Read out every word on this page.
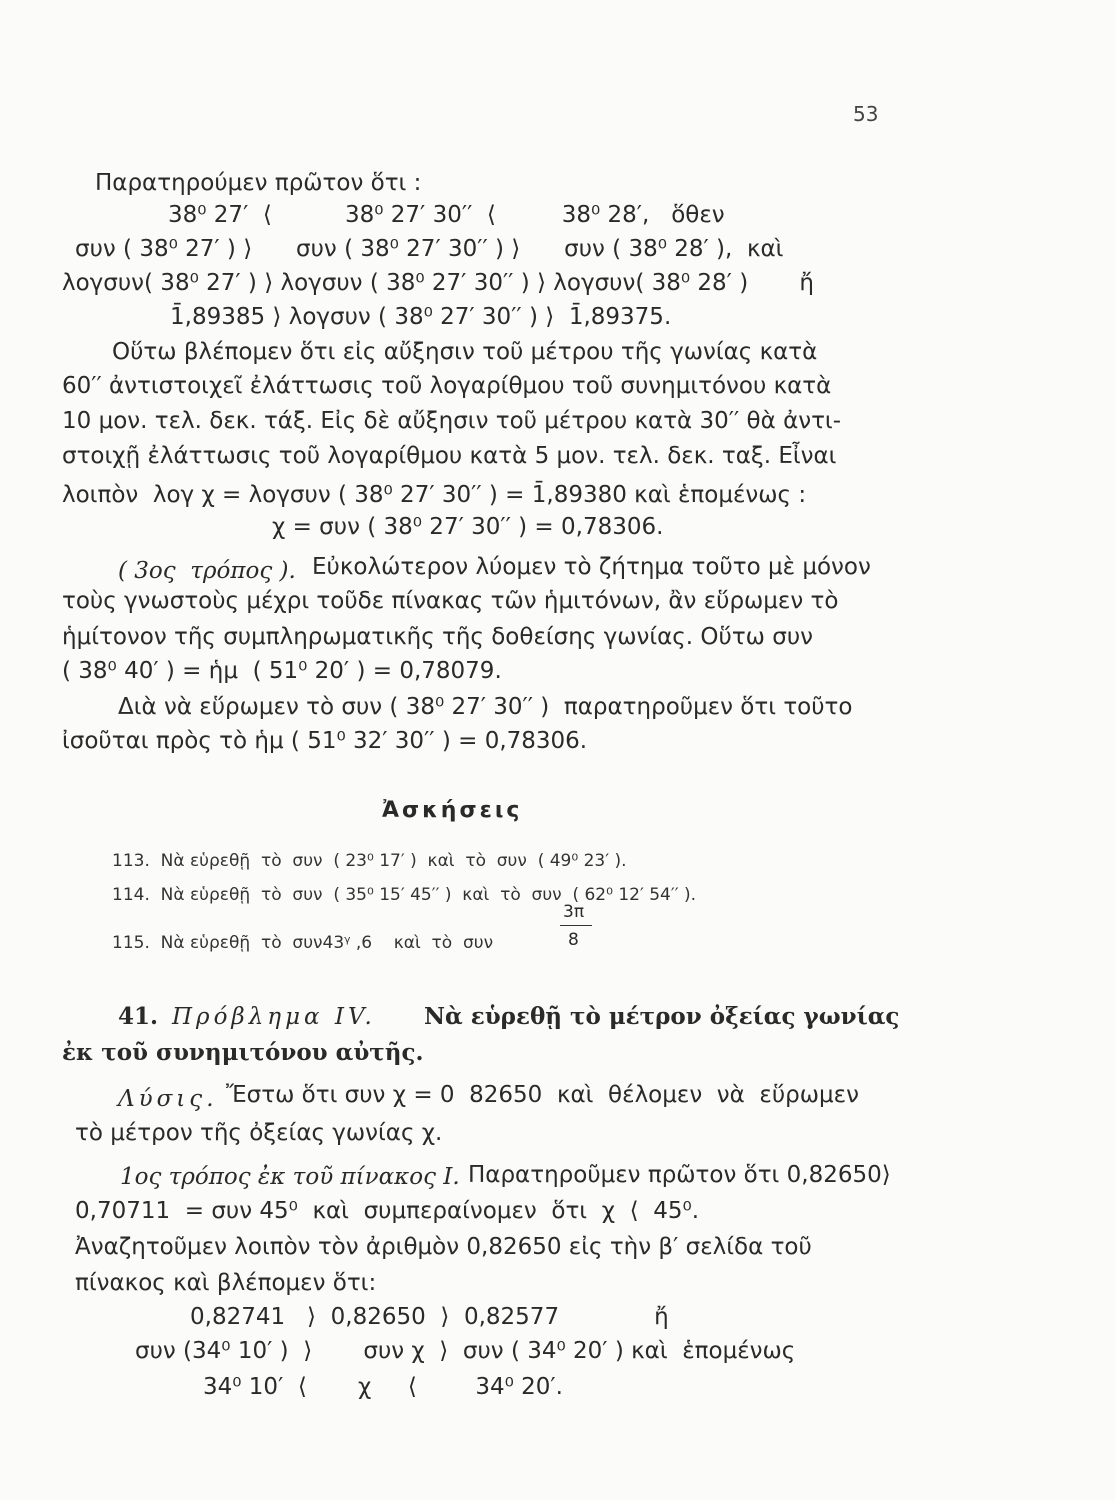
53
Παρατηρούμεν πρῶτον ὅτι :
38⁰ 27′  ⟨          38⁰ 27′ 30′′  ⟨         38⁰ 28′,   ὅθεν
συν ( 38⁰ 27′ ) ⟩      συν ( 38⁰ 27′ 30′′ ) ⟩      συν ( 38⁰ 28′ ),  καὶ
λογσυν( 38⁰ 27′ ) ⟩ λογσυν ( 38⁰ 27′ 30′′ ) ⟩ λογσυν( 38⁰ 28′ )       ἤ
1̄,89385 ⟩ λογσυν ( 38⁰ 27′ 30′′ ) ⟩  1̄,89375.
Οὕτω βλέπομεν ὅτι εἰς αὔξησιν τοῦ μέτρου τῆς γωνίας κατὰ
60′′ ἀντιστοιχεῖ ἐλάττωσις τοῦ λογαρίθμου τοῦ συνημιτόνου κατὰ
10 μον. τελ. δεκ. τάξ. Εἰς δὲ αὔξησιν τοῦ μέτρου κατὰ 30′′ θὰ ἀντι-
στοιχῇ ἐλάττωσις τοῦ λογαρίθμου κατὰ 5 μον. τελ. δεκ. ταξ. Εἶναι
λοιπὸν  λογ χ = λογσυν ( 38⁰ 27′ 30′′ ) = 1̄,89380 καὶ ἑπομένως :
χ = συν ( 38⁰ 27′ 30′′ ) = 0,78306.
( 3ος  τρόπος ). Εὐκολώτερον λύομεν τὸ ζήτημα τοῦτο μὲ μόνον
τοὺς γνωστοὺς μέχρι τοῦδε πίνακας τῶν ἡμιτόνων, ἂν εὕρωμεν τὸ
ἡμίτονον τῆς συμπληρωματικῆς τῆς δοθείσης γωνίας. Οὕτω συν
( 38⁰ 40′ ) = ἡμ  ( 51⁰ 20′ ) = 0,78079.
Διὰ νὰ εὕρωμεν τὸ συν ( 38⁰ 27′ 30′′ )  παρατηροῦμεν ὅτι τοῦτο
ἰσοῦται πρὸς τὸ ἡμ ( 51⁰ 32′ 30′′ ) = 0,78306.
Ἀσκήσεις
113.  Νὰ εὑρεθῇ  τὸ  συν  ( 23⁰ 17′ )  καὶ  τὸ  συν  ( 49⁰ 23′ ).
114.  Νὰ εὑρεθῇ  τὸ  συν  ( 35⁰ 15′ 45′′ )  καὶ  τὸ  συν  ( 62⁰ 12′ 54′′ ).
115.  Νὰ εὑρεθῇ  τὸ  συν43ᵞ ,6    καὶ  τὸ  συν
3π
8
41. Πρόβλημα IV. Νὰ εὑρεθῇ τὸ μέτρον ὀξείας γωνίας
ἐκ τοῦ συνημιτόνου αὐτῆς.
Λύσις. Ἔστω ὅτι συν χ = 0  82650  καὶ  θέλομεν  νὰ  εὕρωμεν
τὸ μέτρον τῆς ὀξείας γωνίας χ.
1ος τρόπος ἐκ τοῦ πίνακος I. Παρατηροῦμεν πρῶτον ὅτι 0,82650⟩
0,70711  = συν 45⁰  καὶ  συμπεραίνομεν  ὅτι  χ  ⟨  45⁰.
Ἀναζητοῦμεν λοιπὸν τὸν ἀριθμὸν 0,82650 εἰς τὴν β′ σελίδα τοῦ
πίνακος καὶ βλέπομεν ὅτι:
0,82741   ⟩  0,82650  ⟩  0,82577             ἤ
συν (34⁰ 10′ )  ⟩       συν χ  ⟩  συν ( 34⁰ 20′ ) καὶ  ἑπομένως
34⁰ 10′  ⟨       χ     ⟨        34⁰ 20′.
